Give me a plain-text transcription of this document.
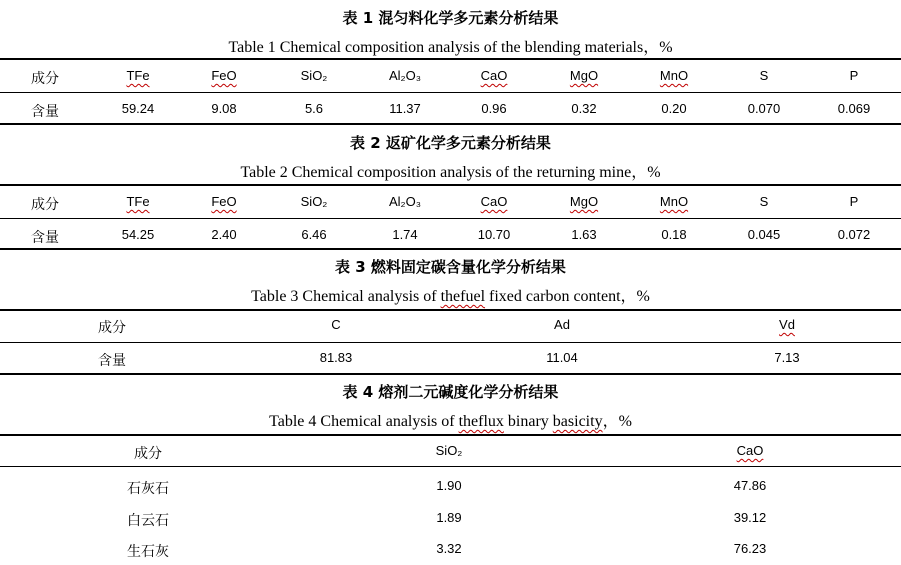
表 1 混匀料化学多元素分析结果
Table 1 Chemical composition analysis of the blending materials，%
成分	TFe	FeO	SiO₂	Al₂O₃	CaO	MgO	MnO	S	P
含量	59.24	9.08	5.6	11.37	0.96	0.32	0.20	0.070	0.069
表 2 返矿化学多元素分析结果
Table 2 Chemical composition analysis of the returning mine，%
成分	TFe	FeO	SiO₂	Al₂O₃	CaO	MgO	MnO	S	P
含量	54.25	2.40	6.46	1.74	10.70	1.63	0.18	0.045	0.072
表 3 燃料固定碳含量化学分析结果
Table 3 Chemical analysis of thefuel fixed carbon content，%
成分	C	Ad	Vd
含量	81.83	11.04	7.13
表 4 熔剂二元碱度化学分析结果
Table 4 Chemical analysis of theflux binary basicity，%
成分	SiO₂	CaO
石灰石	1.90	47.86
白云石	1.89	39.12
生石灰	3.32	76.23
